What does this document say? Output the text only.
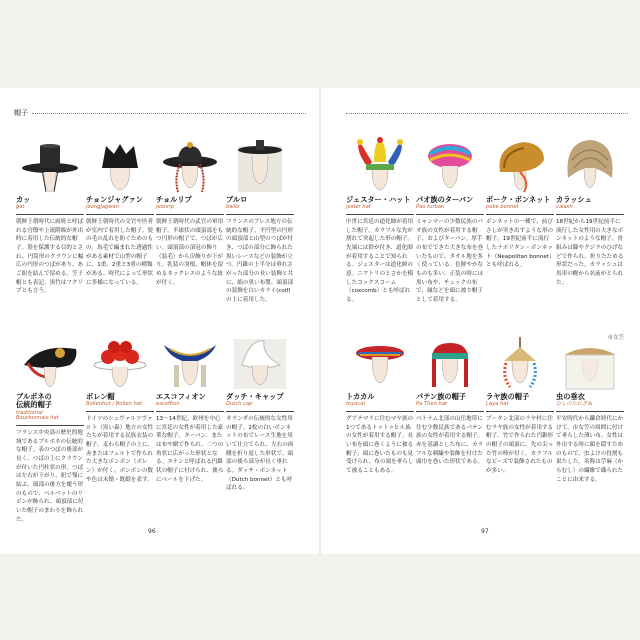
帽子
カッ
gat
朝鮮王朝時代に両班と呼ばれる官僚や上流階級が外出時に着用した伝統的な帽子。髪を保護する目的とされ、円筒形のクラウンに幅広の円形のつばがあり、あご紐を結んで留める。笠子帽とも表記。黒竹はフクリプとも言う。
チョンジャグァン
jeongjagwan
朝鮮王朝時代の文官や医者が室内で着用した帽子。髪の毛の乱れを防ぐためのもの。馬毛で編まれた透過性がある素材で山型の帽子に、1重、2重と3重の種類がある。時代によって形状に多様になっている。
チョルリプ
jeonrip
朝鮮王朝時代の武官の軍用帽子。半球状の頭頂部をもつ円形の帽子で、つばが広い。頭頂部の頂冠の飾り（装毛）から房飾りが下がり、乳装の羽根、帽体を留めるネックレスのような紐が付く。
ブルロ
bwllo
フランスのブレス地方の伝統的な帽子。平円型の円形の頭頂部と山型のつばが付き、つばの部分に飾られた黒いレースなどの装飾が立つ。円錐の上半分は垂れさがった部分の長い装飾と共に、絹の黒い布製。頭頂部の装飾を白いカライ(coif)の上に着用した。
ブルボネの
伝統的帽子
traditional
Bourbonnais hat
フランス中央部の歴史的地域であるブルボネの伝統的な帽子。表のつばの後部が長く、つばの上にクラウンが付いた円柱状の形。つばは左右が下がり、紐で顎に結ぶ。頭部の後方を覆う形のもので、ベルベットのリボンが飾られ、頭頂部に付いた帽子のまわりを飾られた。
ボレン帽
Bollenhut / Bollen hat
ドイツのシュヴァルツヴァルト（黒い森）地方の女性たちが着用する民族衣装の帽子。麦わら帽子の上に、赤またはフェルトで作られた大きなボンボン（ボレン）が付く。ボンボンの数や色は未婚・既婚を表す。
エスコフィオン
escoffion
13〜14世紀、欧州を中心に宮廷の女性が着用した豪華な帽子。ターバン、または布や網で作られ、二つの角状に広がった形状となる。エナンと呼ばれる円錐状の帽子に付けられ、後ろにベールを下げた。
ダッチ・キャップ
Dutch cap
オランダの伝統的な女性用の帽子。2枚の白いボンネットの布でレース生地を用いて仕立てられ、左右の両側を折り返した形状で、頭部の後ろ部分が長く垂れる。ダッチ・ボンネット（Dutch bonnet）とも呼ばれる。
ジェスター・ハット
jester hat
中世に宮廷の道化師が着用した帽子。カラフルな先が割れて突起した形の帽子。先端には鈴が付き、道化師が着用することで知られる。ジェスターは道化師の意。ニワトリのとさかを模したコックスコーム（coxcomb）とも呼ばれる。
パオ族のターバン
Pao turban
ミャンマーの少数民族のパオ族の女性が着用する帽子、およびターバン。厚手の布でできた大きな布を巻いたもので、タオル地を多く使っている。色鮮やかなものも多い。正装の時には黒い布や、チェックの布で、縁などを頭に被り帽子として着用する。
ポーク・ボンネット
poke bonnet
ボンネットの一種で、前びさしが突き出すような形の帽子。19世紀前半に流行したナポリタン・ボンネット（Neapolitan bonnet）とも呼ばれる。
カラッシュ
calash
18世紀から19世紀前半に流行した女性用の大きなボンネットのような帽子。骨組みは籐やクジラのひげなどで作られ、折りたためる形状だった。カラッシュは馬車の幌から名前がとられた。
トカカル
toyacal
グアテマラに住むマヤ族の1つであるトゥトゥヒル族の女性が着用する帽子。長い布を頭に巻くように被る帽子。頭に巻いたものも見受けられ、布の端を垂らして被ることもある。
パテン族の帽子
Pa Then hat
ベトナム北部の山岳地帯に住む少数民族であるパテン族の女性が着用する帽子。赤を基調とした布に、カラフルな刺繍や装飾を付けた頭巾を巻いた形状である。
ラヤ族の帽子
Laya hat
ブータン北部のラヤ村に住むラヤ族の女性が着用する帽子。竹で作られた円錐形の帽子の頭頂に、先の尖った竹の棒が付く。カラフルなビーズで装飾されたものが多い。
市女笠
虫の垂衣
むしのたれぎぬ
平安時代から鎌倉時代にかけて、市女笠の周囲に付けて垂らした薄い布。女性は外出する時に顔を隠すためのもので、虫よけの役割も果たした。名称は苧麻（からむし）の繊維で織られたことに由来する。
96	97
